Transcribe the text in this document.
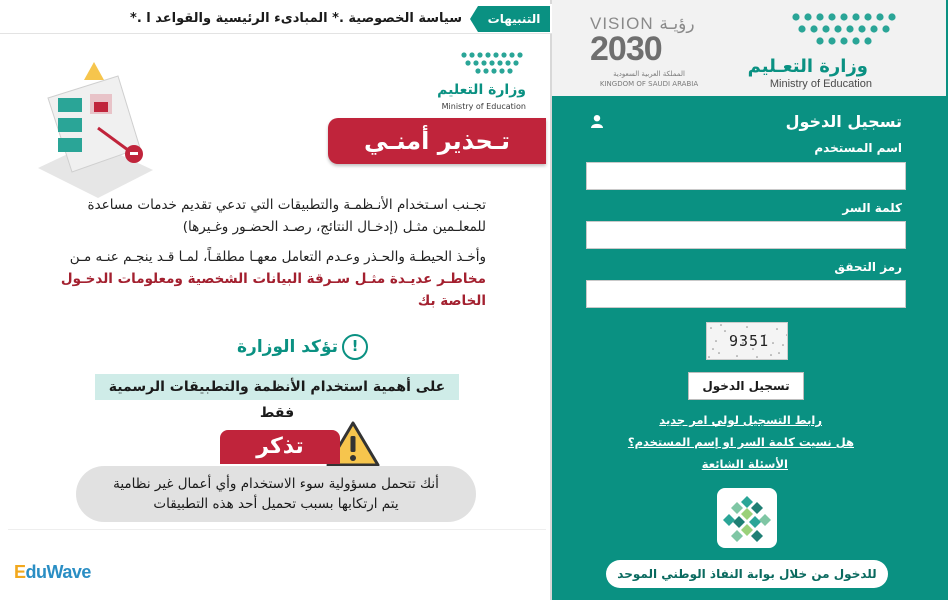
سياسة الخصوصية .* المبادىء الرئيسية والقواعد ا .*	التنبيهات
وزارة التعليم
Ministry of Education
تـحذير أمنـي
تجـنب اسـتخدام الأنـظمـة والتطبيقات التي تدعي تقديم خدمات مساعدة للمعلـمين مثـل (إدخـال النتائج، رصـد الحضـور وغـيرها)
وأخـذ الحيطـة والحـذر وعـدم التعامل معهـا مطلقـاً، لمـا قـد ينجـم عنـه مـن مخاطـر عديـدة مثـل سـرقة البيانات الشخصية ومعلومات الدخـول الخاصة بك
!
تؤكد الوزارة
على أهمية استخدام الأنظمة والتطبيقات الرسمية فقط
تذكر
أنك تتحمل مسؤولية سوء الاستخدام وأي أعمال غير نظامية
يتم ارتكابها بسبب تحميل أحد هذه التطبيقات
EduWave
VISION رؤيـة
2030
المملكة العربية السعودية
KINGDOM OF SAUDI ARABIA
وزارة التعـليم
Ministry of Education
تسجيل الدخول
اسم المستخدم
كلمة السر
رمز التحقق
9351
تسجيل الدخول
رابط التسجيل لولي امر جديد
هل نسيت كلمة السر او إسم المستخدم؟
الأسئلة الشائعة
للدخول من خلال بوابة النفاذ الوطني الموحد
